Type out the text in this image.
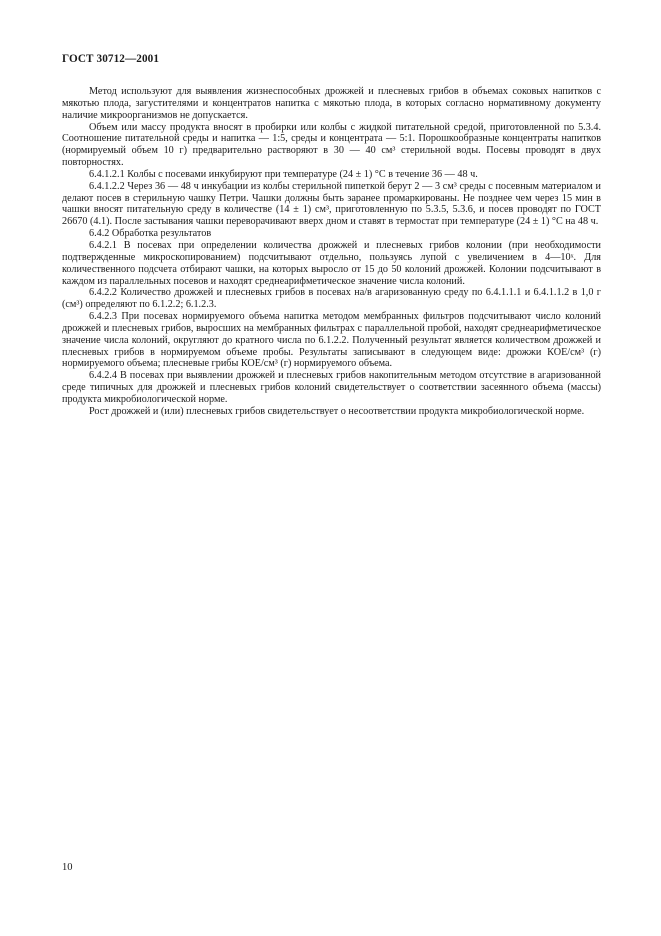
ГОСТ 30712—2001

Метод используют для выявления жизнеспособных дрожжей и плесневых грибов в объемах соковых напитков с мякотью плода, загустителями и концентратов напитка с мякотью плода, в которых согласно нормативному документу наличие микроорганизмов не допускается.

Объем или массу продукта вносят в пробирки или колбы с жидкой питательной средой, приготовленной по 5.3.4. Соотношение питательной среды и напитка — 1:5, среды и концентрата — 5:1. Порошкообразные концентраты напитков (нормируемый объем 10 г) предварительно растворяют в 30 — 40 см³ стерильной воды. Посевы проводят в двух повторностях.

6.4.1.2.1 Колбы с посевами инкубируют при температуре (24 ± 1) °С в течение 36 — 48 ч.

6.4.1.2.2 Через 36 — 48 ч инкубации из колбы стерильной пипеткой берут 2 — 3 см³ среды с посевным материалом и делают посев в стерильную чашку Петри. Чашки должны быть заранее промаркированы. Не позднее чем через 15 мин в чашки вносят питательную среду в количестве (14 ± 1) см³, приготовленную по 5.3.5, 5.3.6, и посев проводят по ГОСТ 26670 (4.1). После застывания чашки переворачивают вверх дном и ставят в термостат при температуре (24 ± 1) °С на 48 ч.

6.4.2 Обработка результатов

6.4.2.1 В посевах при определении количества дрожжей и плесневых грибов колонии (при необходимости подтвержденные микроскопированием) подсчитывают отдельно, пользуясь лупой с увеличением в 4—10ˣ. Для количественного подсчета отбирают чашки, на которых выросло от 15 до 50 колоний дрожжей. Колонии подсчитывают в каждом из параллельных посевов и находят среднеарифметическое значение числа колоний.

6.4.2.2 Количество дрожжей и плесневых грибов в посевах на/в агаризованную среду по 6.4.1.1.1 и 6.4.1.1.2 в 1,0 г (см³) определяют по 6.1.2.2; 6.1.2.3.

6.4.2.3 При посевах нормируемого объема напитка методом мембранных фильтров подсчитывают число колоний дрожжей и плесневых грибов, выросших на мембранных фильтрах с параллельной пробой, находят среднеарифметическое значение числа колоний, округляют до кратного числа по 6.1.2.2. Полученный результат является количеством дрожжей и плесневых грибов в нормируемом объеме пробы. Результаты записывают в следующем виде: дрожжи КОЕ/см³ (г) нормируемого объема; плесневые грибы КОЕ/см³ (г) нормируемого объема.

6.4.2.4 В посевах при выявлении дрожжей и плесневых грибов накопительным методом отсутствие в агаризованной среде типичных для дрожжей и плесневых грибов колоний свидетельствует о соответствии засеянного объема (массы) продукта микробиологической норме.

Рост дрожжей и (или) плесневых грибов свидетельствует о несоответствии продукта микробиологической норме.

10
